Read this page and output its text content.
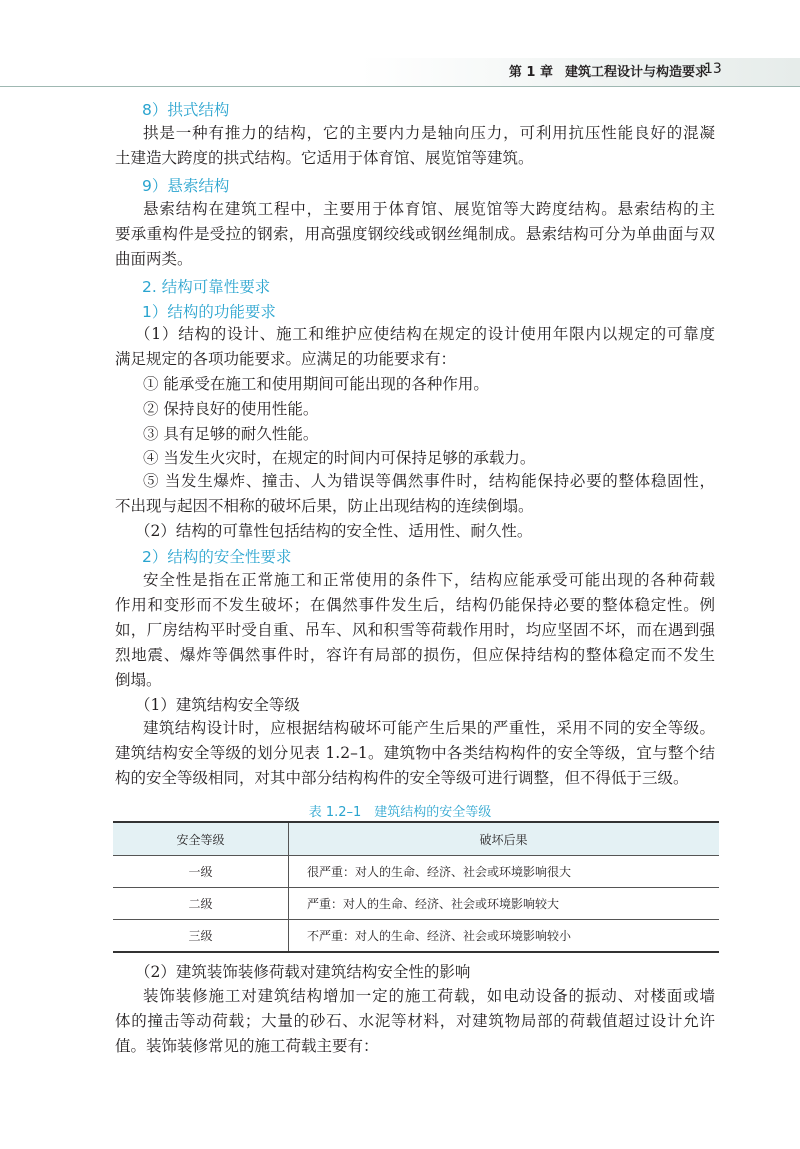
第 1 章 建筑工程设计与构造要求
13
8）拱式结构
拱是一种有推力的结构，它的主要内力是轴向压力，可利用抗压性能良好的混凝
土建造大跨度的拱式结构。它适用于体育馆、展览馆等建筑。
9）悬索结构
悬索结构在建筑工程中，主要用于体育馆、展览馆等大跨度结构。悬索结构的主
要承重构件是受拉的钢索，用高强度钢绞线或钢丝绳制成。悬索结构可分为单曲面与双
曲面两类。
2. 结构可靠性要求
1）结构的功能要求
（1）结构的设计、施工和维护应使结构在规定的设计使用年限内以规定的可靠度
满足规定的各项功能要求。应满足的功能要求有：
① 能承受在施工和使用期间可能出现的各种作用。
② 保持良好的使用性能。
③ 具有足够的耐久性能。
④ 当发生火灾时，在规定的时间内可保持足够的承载力。
⑤ 当发生爆炸、撞击、人为错误等偶然事件时，结构能保持必要的整体稳固性，
不出现与起因不相称的破坏后果，防止出现结构的连续倒塌。
（2）结构的可靠性包括结构的安全性、适用性、耐久性。
2）结构的安全性要求
安全性是指在正常施工和正常使用的条件下，结构应能承受可能出现的各种荷载
作用和变形而不发生破坏；在偶然事件发生后，结构仍能保持必要的整体稳定性。例
如，厂房结构平时受自重、吊车、风和积雪等荷载作用时，均应坚固不坏，而在遇到强
烈地震、爆炸等偶然事件时，容许有局部的损伤，但应保持结构的整体稳定而不发生
倒塌。
（1）建筑结构安全等级
建筑结构设计时，应根据结构破坏可能产生后果的严重性，采用不同的安全等级。
建筑结构安全等级的划分见表 1.2–1。建筑物中各类结构构件的安全等级，宜与整个结
构的安全等级相同，对其中部分结构构件的安全等级可进行调整，但不得低于三级。
表 1.2–1　建筑结构的安全等级
安全等级	破坏后果
一级	很严重：对人的生命、经济、社会或环境影响很大
二级	严重：对人的生命、经济、社会或环境影响较大
三级	不严重：对人的生命、经济、社会或环境影响较小
（2）建筑装饰装修荷载对建筑结构安全性的影响
装饰装修施工对建筑结构增加一定的施工荷载，如电动设备的振动、对楼面或墙
体的撞击等动荷载；大量的砂石、水泥等材料，对建筑物局部的荷载值超过设计允许
值。装饰装修常见的施工荷载主要有：
